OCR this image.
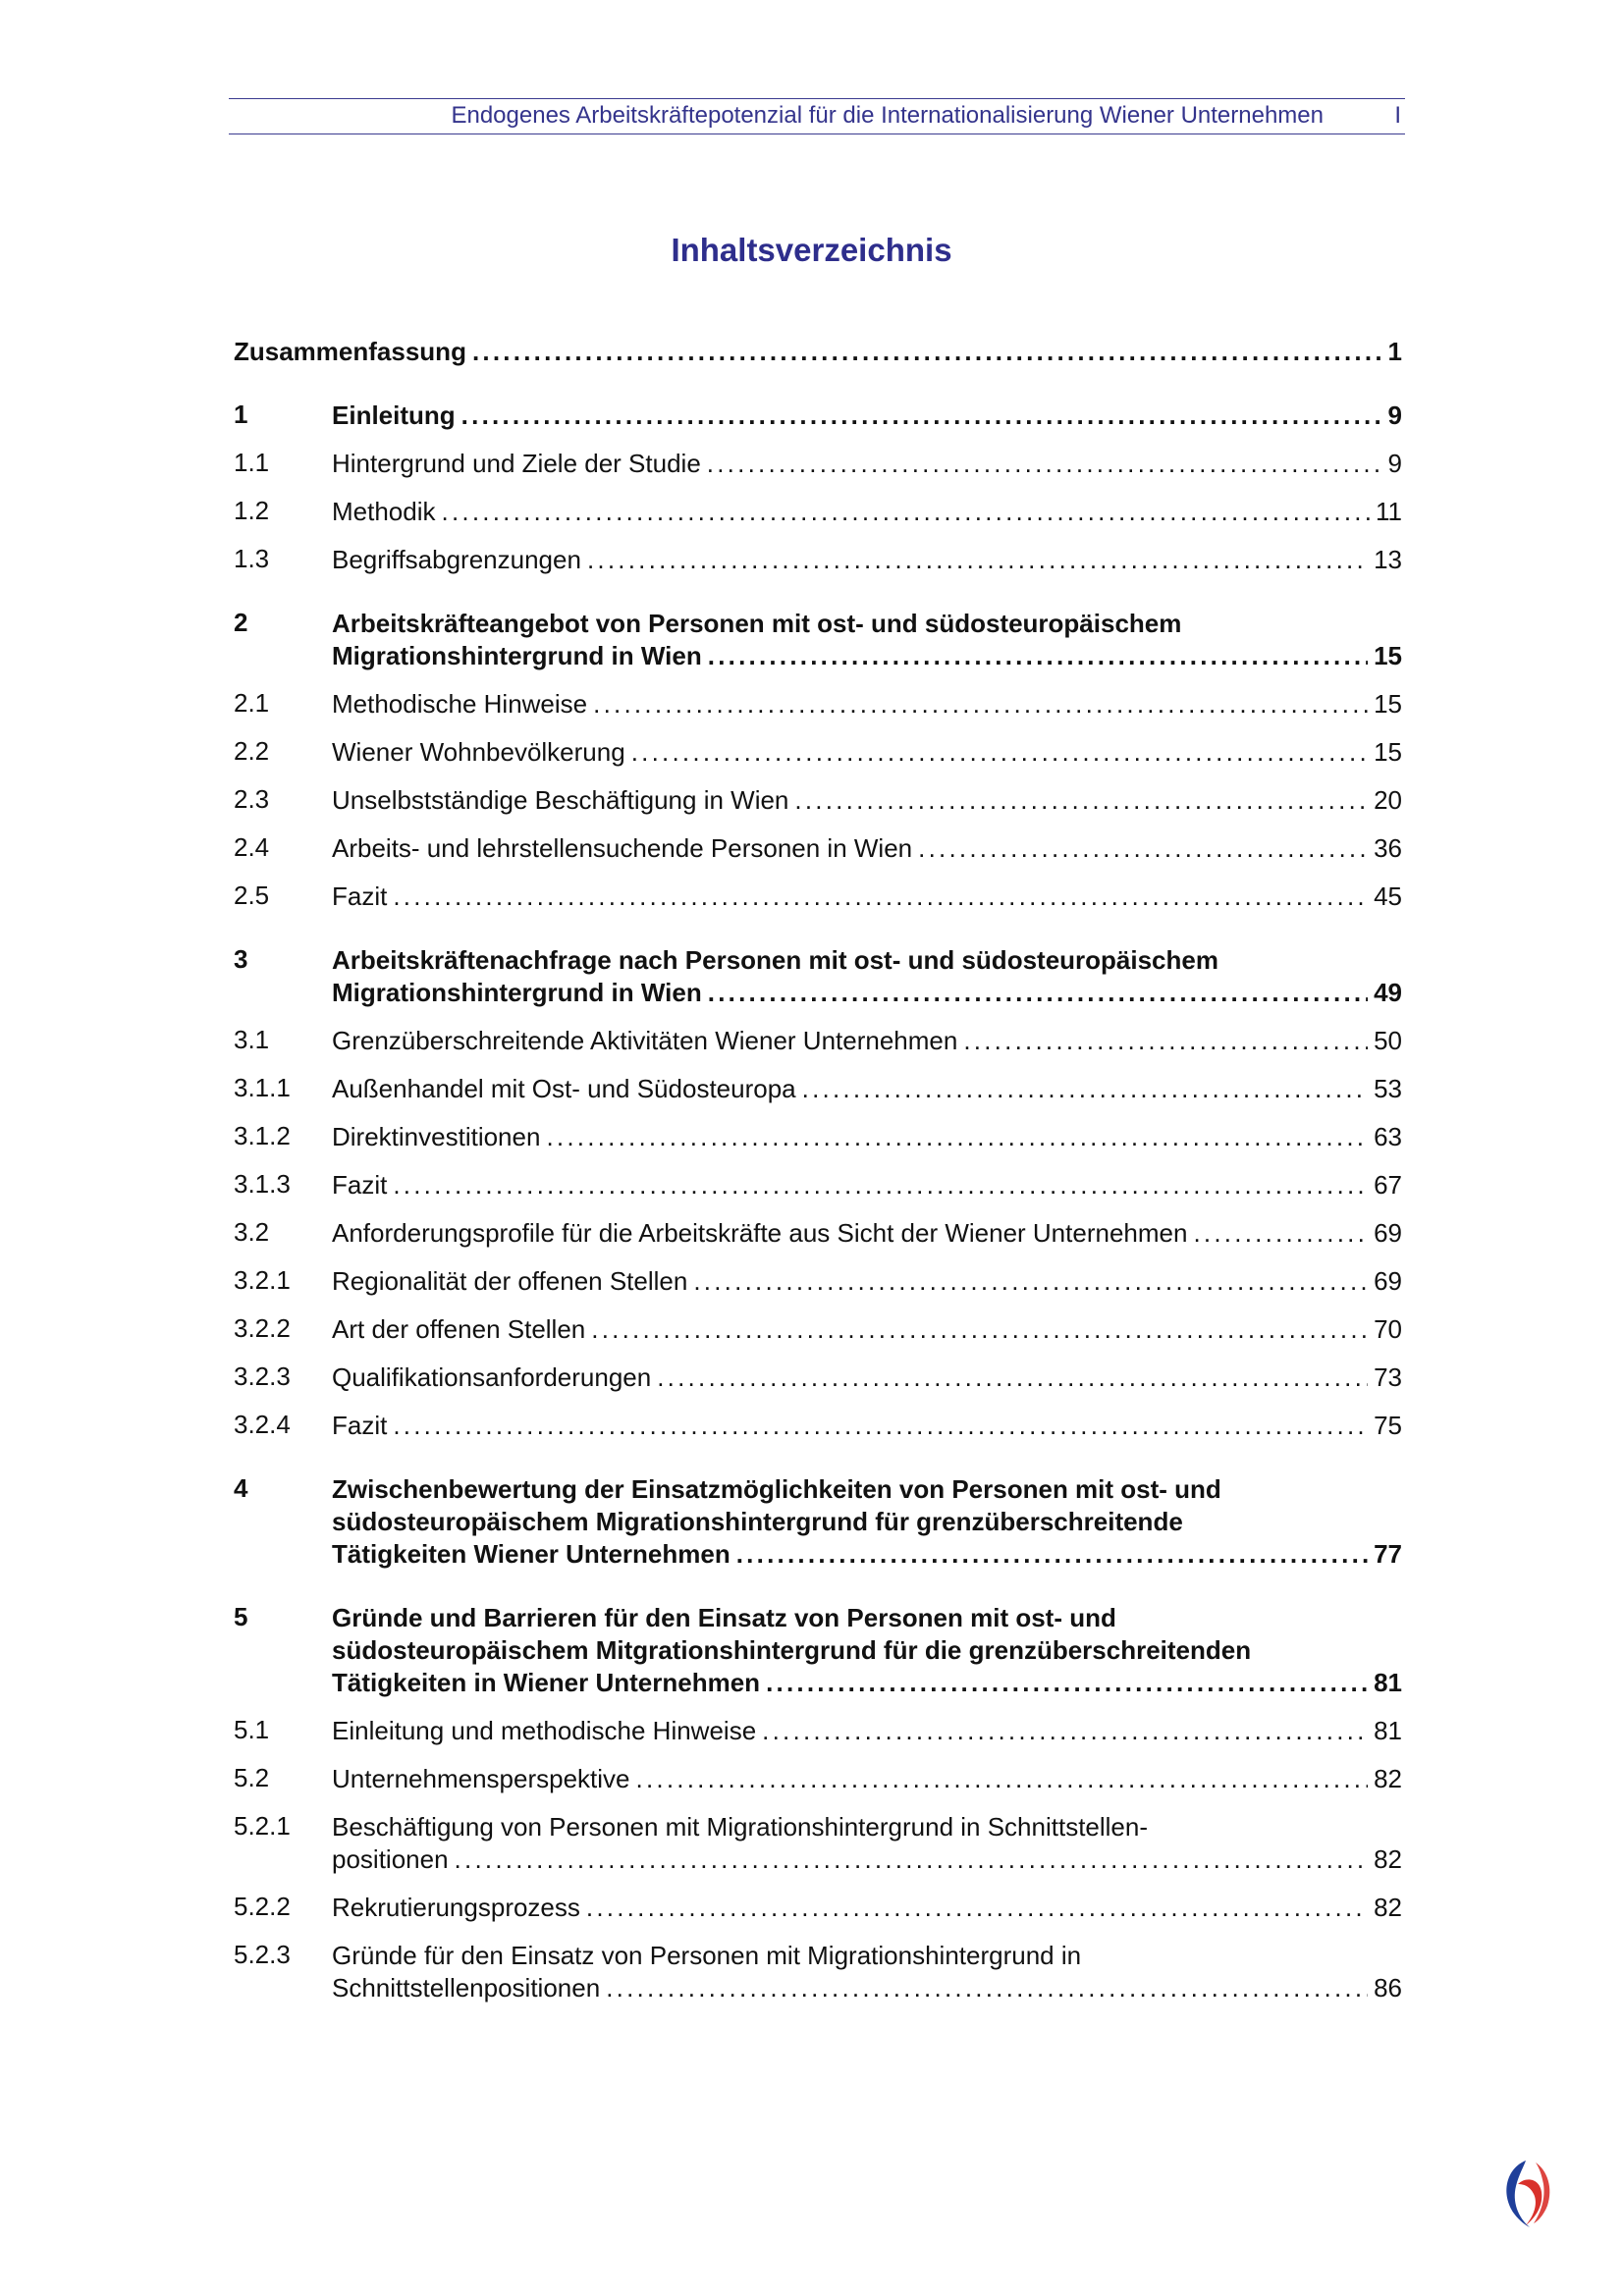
Endogenes Arbeitskräftepotenzial für die Internationalisierung Wiener Unternehmen	I
Inhaltsverzeichnis
Zusammenfassung . . .	1
1	Einleitung . . .	9
1.1 Hintergrund und Ziele der Studie . . .	9
1.2 Methodik . . .	11
1.3 Begriffsabgrenzungen . . .	13
2	Arbeitskräfteangebot von Personen mit ost- und südosteuropäischem
Migrationshintergrund in Wien . . .	15
2.1 Methodische Hinweise . . .	15
2.2 Wiener Wohnbevölkerung . . .	15
2.3 Unselbstständige Beschäftigung in Wien . . .	20
2.4 Arbeits- und lehrstellensuchende Personen in Wien . . .	36
2.5 Fazit . . .	45
3	Arbeitskräftenachfrage nach Personen mit ost- und südosteuropäischem
Migrationshintergrund in Wien . . .	49
3.1 Grenzüberschreitende Aktivitäten Wiener Unternehmen . . .	50
3.1.1 Außenhandel mit Ost- und Südosteuropa . . .	53
3.1.2 Direktinvestitionen . . .	63
3.1.3 Fazit . . .	67
3.2 Anforderungsprofile für die Arbeitskräfte aus Sicht der Wiener Unternehmen . . .	69
3.2.1 Regionalität der offenen Stellen . . .	69
3.2.2 Art der offenen Stellen . . .	70
3.2.3 Qualifikationsanforderungen . . .	73
3.2.4 Fazit . . .	75
4	Zwischenbewertung der Einsatzmöglichkeiten von Personen mit ost- und
südosteuropäischem Migrationshintergrund für grenzüberschreitende
Tätigkeiten Wiener Unternehmen . . .	77
5	Gründe und Barrieren für den Einsatz von Personen mit ost- und
südosteuropäischem Mitgrationshintergrund für die grenzüberschreitenden
Tätigkeiten in Wiener Unternehmen . . .	81
5.1 Einleitung und methodische Hinweise . . .	81
5.2 Unternehmensperspektive . . .	82
5.2.1 Beschäftigung von Personen mit Migrationshintergrund in Schnittstellen-
positionen . . .	82
5.2.2 Rekrutierungsprozess . . .	82
5.2.3 Gründe für den Einsatz von Personen mit Migrationshintergrund in
Schnittstellenpositionen . . .	86
